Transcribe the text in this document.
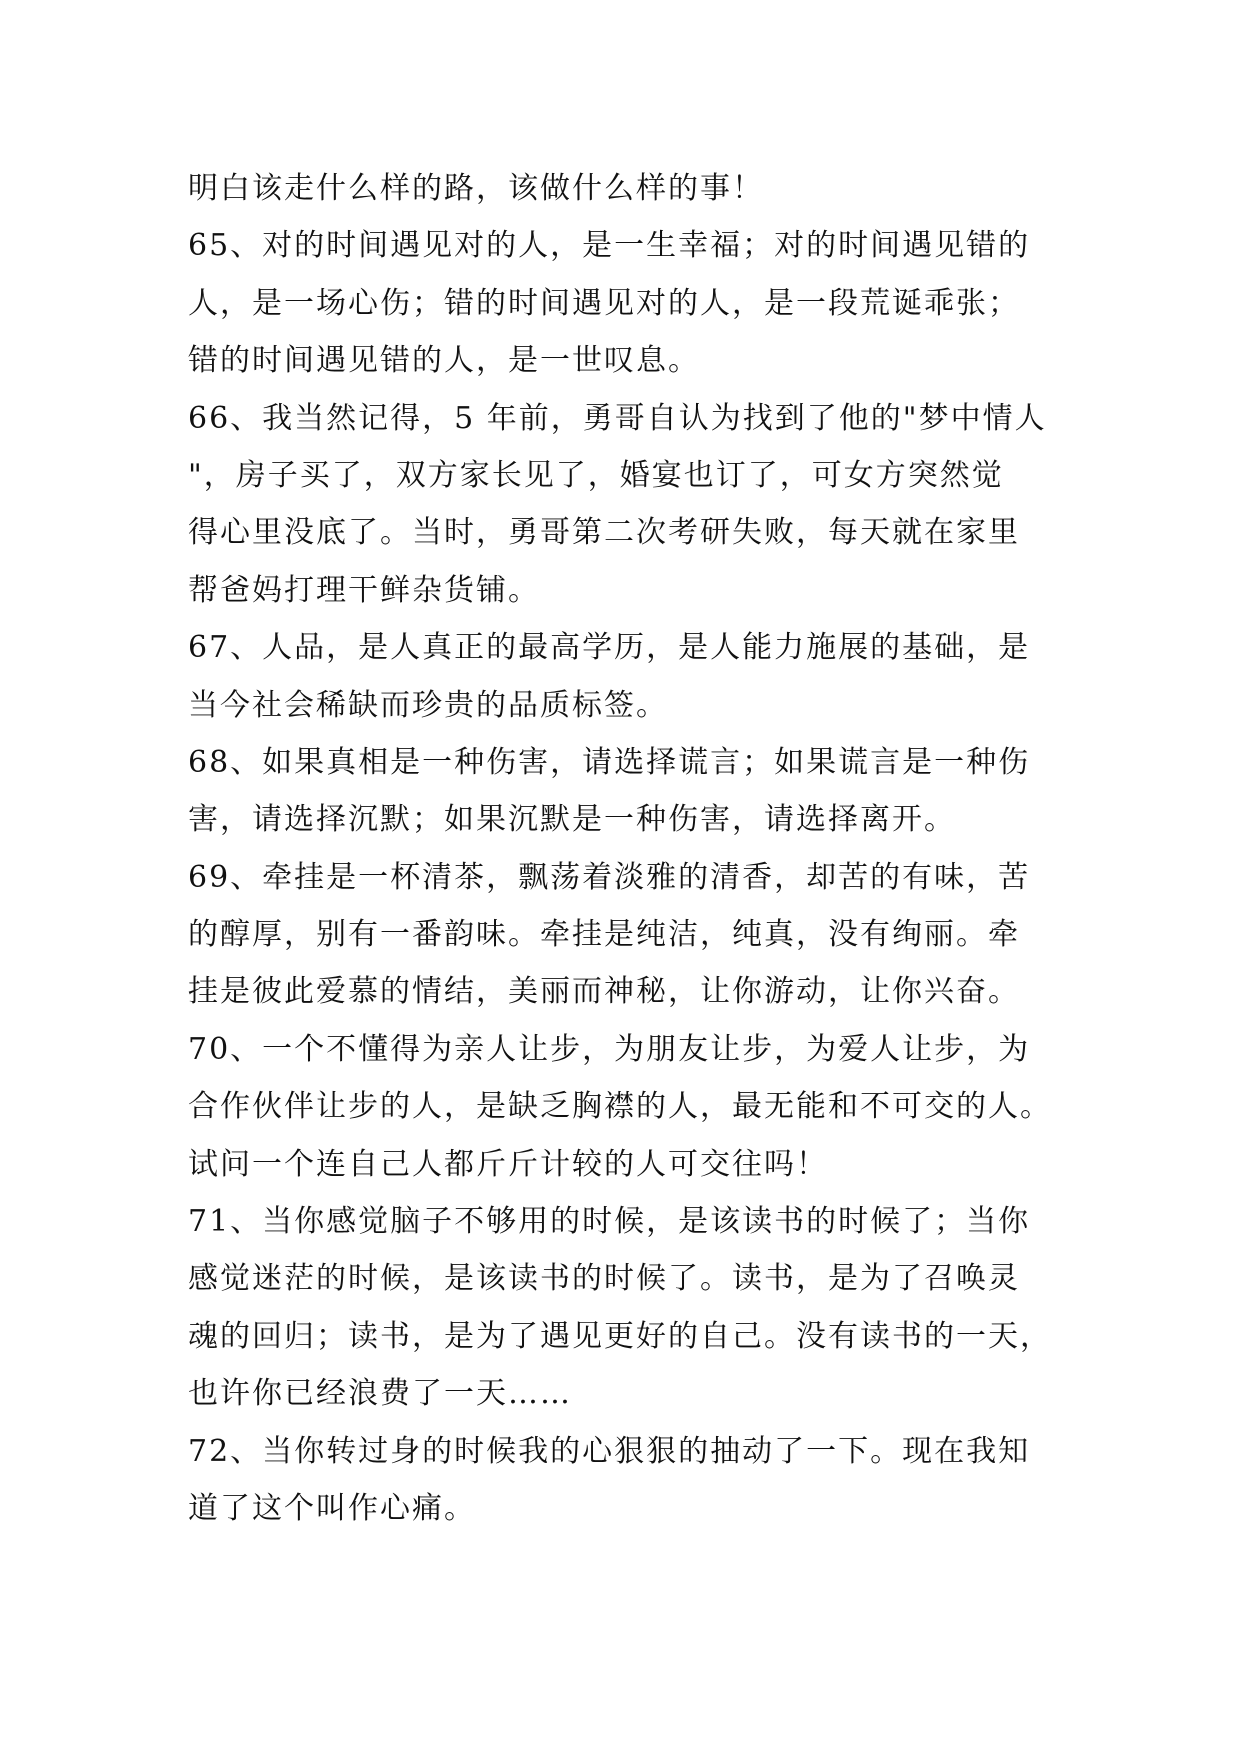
明白该走什么样的路，该做什么样的事！
65、对的时间遇见对的人，是一生幸福；对的时间遇见错的
人，是一场心伤；错的时间遇见对的人，是一段荒诞乖张；
错的时间遇见错的人，是一世叹息。
66、我当然记得，5 年前，勇哥自认为找到了他的"梦中情人
"，房子买了，双方家长见了，婚宴也订了，可女方突然觉
得心里没底了。当时，勇哥第二次考研失败，每天就在家里
帮爸妈打理干鲜杂货铺。
67、人品，是人真正的最高学历，是人能力施展的基础，是
当今社会稀缺而珍贵的品质标签。
68、如果真相是一种伤害，请选择谎言；如果谎言是一种伤
害，请选择沉默；如果沉默是一种伤害，请选择离开。
69、牵挂是一杯清茶，飘荡着淡雅的清香，却苦的有味，苦
的醇厚，别有一番韵味。牵挂是纯洁，纯真，没有绚丽。牵
挂是彼此爱慕的情结，美丽而神秘，让你游动，让你兴奋。
70、一个不懂得为亲人让步，为朋友让步，为爱人让步，为
合作伙伴让步的人，是缺乏胸襟的人，最无能和不可交的人。
试问一个连自己人都斤斤计较的人可交往吗！
71、当你感觉脑子不够用的时候，是该读书的时候了；当你
感觉迷茫的时候，是该读书的时候了。读书，是为了召唤灵
魂的回归；读书，是为了遇见更好的自己。没有读书的一天，
也许你已经浪费了一天……
72、当你转过身的时候我的心狠狠的抽动了一下。现在我知
道了这个叫作心痛。
